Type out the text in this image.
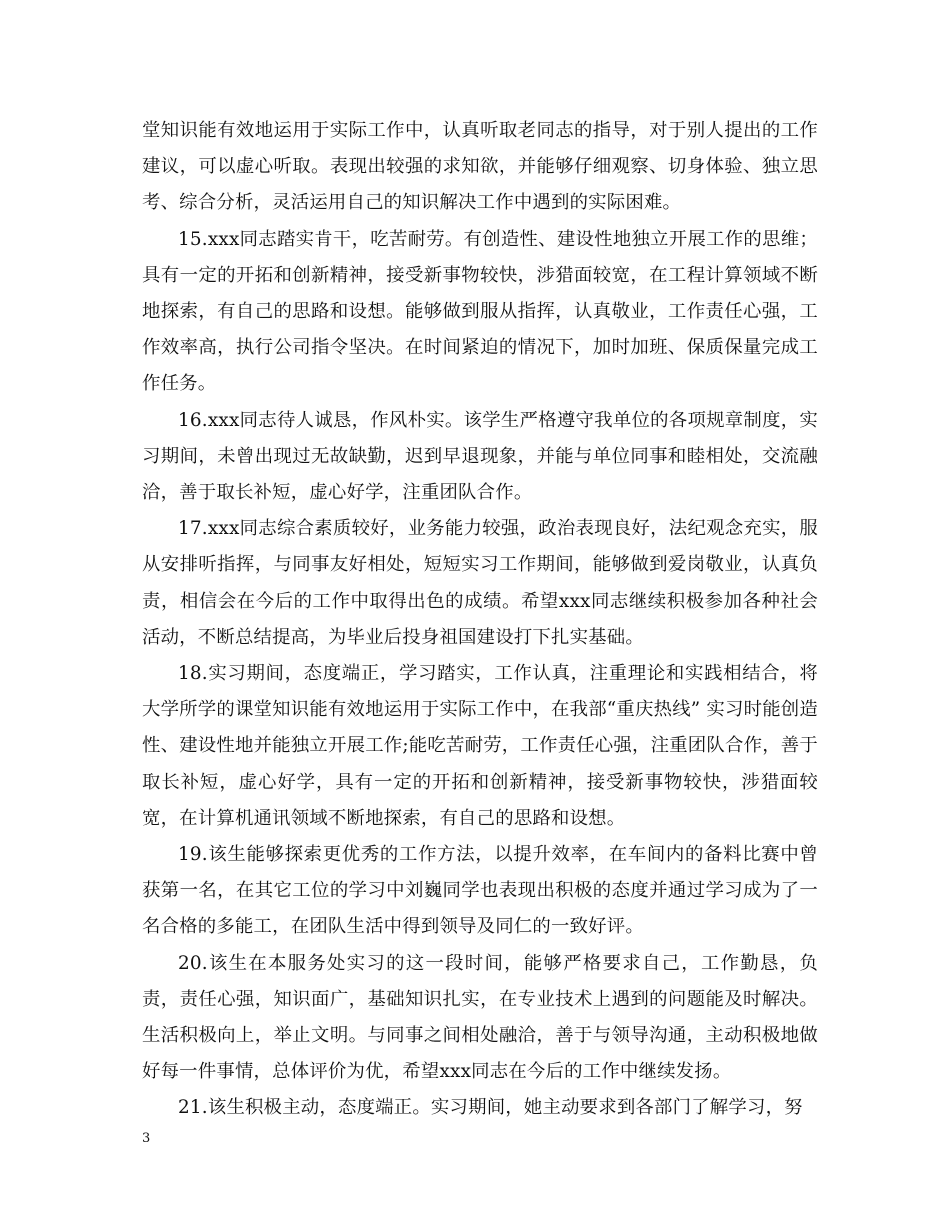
堂知识能有效地运用于实际工作中，认真听取老同志的指导，对于别人提出的工作建议，可以虚心听取。表现出较强的求知欲，并能够仔细观察、切身体验、独立思考、综合分析，灵活运用自己的知识解决工作中遇到的实际困难。

15.xxx同志踏实肯干，吃苦耐劳。有创造性、建设性地独立开展工作的思维；具有一定的开拓和创新精神，接受新事物较快，涉猎面较宽，在工程计算领域不断地探索，有自己的思路和设想。能够做到服从指挥，认真敬业，工作责任心强，工作效率高，执行公司指令坚决。在时间紧迫的情况下，加时加班、保质保量完成工作任务。

16.xxx同志待人诚恳，作风朴实。该学生严格遵守我单位的各项规章制度，实习期间，未曾出现过无故缺勤，迟到早退现象，并能与单位同事和睦相处，交流融洽，善于取长补短，虚心好学，注重团队合作。

17.xxx同志综合素质较好，业务能力较强，政治表现良好，法纪观念充实，服从安排听指挥，与同事友好相处，短短实习工作期间，能够做到爱岗敬业，认真负责，相信会在今后的工作中取得出色的成绩。希望xxx同志继续积极参加各种社会活动，不断总结提高，为毕业后投身祖国建设打下扎实基础。

18.实习期间，态度端正，学习踏实，工作认真，注重理论和实践相结合，将大学所学的课堂知识能有效地运用于实际工作中，在我部“重庆热线” 实习时能创造性、建设性地并能独立开展工作;能吃苦耐劳，工作责任心强，注重团队合作，善于取长补短，虚心好学，具有一定的开拓和创新精神，接受新事物较快，涉猎面较宽，在计算机通讯领域不断地探索，有自己的思路和设想。

19.该生能够探索更优秀的工作方法，以提升效率，在车间内的备料比赛中曾获第一名，在其它工位的学习中刘巍同学也表现出积极的态度并通过学习成为了一名合格的多能工，在团队生活中得到领导及同仁的一致好评。

20.该生在本服务处实习的这一段时间，能够严格要求自己，工作勤恳，负责，责任心强，知识面广，基础知识扎实，在专业技术上遇到的问题能及时解决。生活积极向上，举止文明。与同事之间相处融洽，善于与领导沟通，主动积极地做好每一件事情，总体评价为优，希望xxx同志在今后的工作中继续发扬。

21.该生积极主动，态度端正。实习期间，她主动要求到各部门了解学习，努

3
